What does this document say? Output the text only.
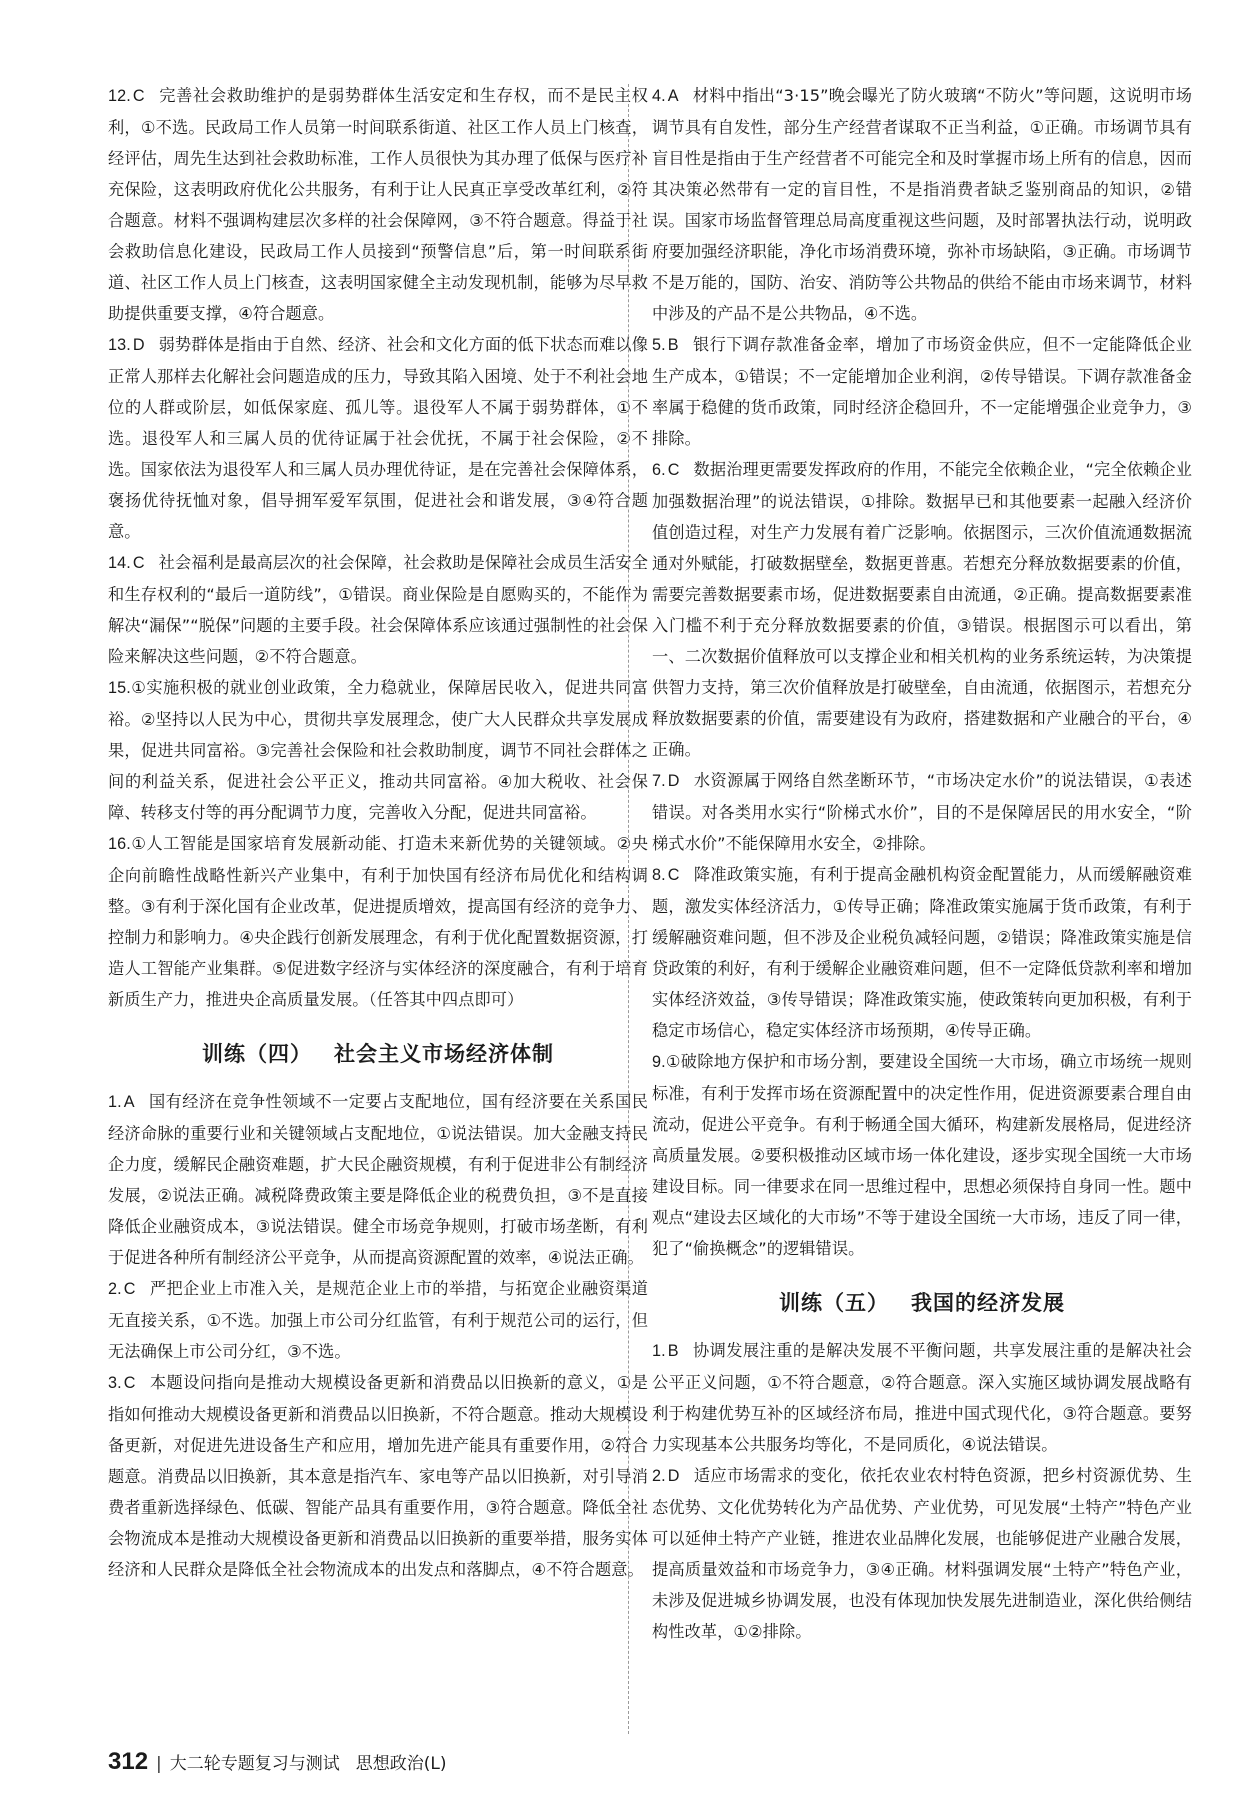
12. C 完善社会救助维护的是弱势群体生活安定和生存权，而不是民主权利，①不选。民政局工作人员第一时间联系街道、社区工作人员上门核查，经评估，周先生达到社会救助标准，工作人员很快为其办理了低保与医疗补充保险，这表明政府优化公共服务，有利于让人民真正享受改革红利，②符合题意。材料不强调构建层次多样的社会保障网，③不符合题意。得益于社会救助信息化建设，民政局工作人员接到“预警信息”后，第一时间联系街道、社区工作人员上门核查，这表明国家健全主动发现机制，能够为尽早救助提供重要支撑，④符合题意。
13. D 弱势群体是指由于自然、经济、社会和文化方面的低下状态而难以像正常人那样去化解社会问题造成的压力，导致其陷入困境、处于不利社会地位的人群或阶层，如低保家庭、孤儿等。退役军人不属于弱势群体，①不选。退役军人和三属人员的优待证属于社会优抚，不属于社会保险，②不选。国家依法为退役军人和三属人员办理优待证，是在完善社会保障体系，褒扬优待抚恤对象，倡导拥军爱军氛围，促进社会和谐发展，③④符合题意。
14. C 社会福利是最高层次的社会保障，社会救助是保障社会成员生活安全和生存权利的“最后一道防线”，①错误。商业保险是自愿购买的，不能作为解决“漏保”“脱保”问题的主要手段。社会保障体系应该通过强制性的社会保险来解决这些问题，②不符合题意。
15.①实施积极的就业创业政策，全力稳就业，保障居民收入，促进共同富裕。②坚持以人民为中心，贯彻共享发展理念，使广大人民群众共享发展成果，促进共同富裕。③完善社会保险和社会救助制度，调节不同社会群体之间的利益关系，促进社会公平正义，推动共同富裕。④加大税收、社会保障、转移支付等的再分配调节力度，完善收入分配，促进共同富裕。
16.①人工智能是国家培育发展新动能、打造未来新优势的关键领域。②央企向前瞻性战略性新兴产业集中，有利于加快国有经济布局优化和结构调整。③有利于深化国有企业改革，促进提质增效，提高国有经济的竞争力、控制力和影响力。④央企践行创新发展理念，有利于优化配置数据资源，打造人工智能产业集群。⑤促进数字经济与实体经济的深度融合，有利于培育新质生产力，推进央企高质量发展。（任答其中四点即可）
训练（四） 社会主义市场经济体制
1. A 国有经济在竞争性领域不一定要占支配地位，国有经济要在关系国民经济命脉的重要行业和关键领域占支配地位，①说法错误。加大金融支持民企力度，缓解民企融资难题，扩大民企融资规模，有利于促进非公有制经济发展，②说法正确。减税降费政策主要是降低企业的税费负担，③不是直接降低企业融资成本，③说法错误。健全市场竞争规则，打破市场垄断，有利于促进各种所有制经济公平竞争，从而提高资源配置的效率，④说法正确。
2. C 严把企业上市准入关，是规范企业上市的举措，与拓宽企业融资渠道无直接关系，①不选。加强上市公司分红监管，有利于规范公司的运行，但无法确保上市公司分红，③不选。
3. C 本题设问指向是推动大规模设备更新和消费品以旧换新的意义，①是指如何推动大规模设备更新和消费品以旧换新，不符合题意。推动大规模设备更新，对促进先进设备生产和应用，增加先进产能具有重要作用，②符合题意。消费品以旧换新，其本意是指汽车、家电等产品以旧换新，对引导消费者重新选择绿色、低碳、智能产品具有重要作用，③符合题意。降低全社会物流成本是推动大规模设备更新和消费品以旧换新的重要举措，服务实体经济和人民群众是降低全社会物流成本的出发点和落脚点，④不符合题意。
4. A 材料中指出“3·15”晚会曝光了防火玻璃“不防火”等问题，这说明市场调节具有自发性，部分生产经营者谋取不正当利益，①正确。市场调节具有盲目性是指由于生产经营者不可能完全和及时掌握市场上所有的信息，因而其决策必然带有一定的盲目性，不是指消费者缺乏鉴别商品的知识，②错误。国家市场监督管理总局高度重视这些问题，及时部署执法行动，说明政府要加强经济职能，净化市场消费环境，弥补市场缺陷，③正确。市场调节不是万能的，国防、治安、消防等公共物品的供给不能由市场来调节，材料中涉及的产品不是公共物品，④不选。
5. B 银行下调存款准备金率，增加了市场资金供应，但不一定能降低企业生产成本，①错误；不一定能增加企业利润，②传导错误。下调存款准备金率属于稳健的货币政策，同时经济企稳回升，不一定能增强企业竞争力，③排除。
6. C 数据治理更需要发挥政府的作用，不能完全依赖企业，“完全依赖企业加强数据治理”的说法错误，①排除。数据早已和其他要素一起融入经济价值创造过程，对生产力发展有着广泛影响。依据图示，三次价值流通数据流通对外赋能，打破数据壁垒，数据更普惠。若想充分释放数据要素的价值，需要完善数据要素市场，促进数据要素自由流通，②正确。提高数据要素准入门槛不利于充分释放数据要素的价值，③错误。根据图示可以看出，第一、二次数据价值释放可以支撑企业和相关机构的业务系统运转，为决策提供智力支持，第三次价值释放是打破壁垒，自由流通，依据图示，若想充分释放数据要素的价值，需要建设有为政府，搭建数据和产业融合的平台，④正确。
7. D 水资源属于网络自然垄断环节，“市场决定水价”的说法错误，①表述错误。对各类用水实行“阶梯式水价”，目的不是保障居民的用水安全，“阶梯式水价”不能保障用水安全，②排除。
8. C 降准政策实施，有利于提高金融机构资金配置能力，从而缓解融资难题，激发实体经济活力，①传导正确；降准政策实施属于货币政策，有利于缓解融资难问题，但不涉及企业税负减轻问题，②错误；降准政策实施是信贷政策的利好，有利于缓解企业融资难问题，但不一定降低贷款利率和增加实体经济效益，③传导错误；降准政策实施，使政策转向更加积极，有利于稳定市场信心，稳定实体经济市场预期，④传导正确。
9.①破除地方保护和市场分割，要建设全国统一大市场，确立市场统一规则标准，有利于发挥市场在资源配置中的决定性作用，促进资源要素合理自由流动，促进公平竞争。有利于畅通全国大循环，构建新发展格局，促进经济高质量发展。②要积极推动区域市场一体化建设，逐步实现全国统一大市场建设目标。同一律要求在同一思维过程中，思想必须保持自身同一性。题中观点“建设去区域化的大市场”不等于建设全国统一大市场，违反了同一律，犯了“偷换概念”的逻辑错误。
训练（五） 我国的经济发展
1. B 协调发展注重的是解决发展不平衡问题，共享发展注重的是解决社会公平正义问题，①不符合题意，②符合题意。深入实施区域协调发展战略有利于构建优势互补的区域经济布局，推进中国式现代化，③符合题意。要努力实现基本公共服务均等化，不是同质化，④说法错误。
2. D 适应市场需求的变化，依托农业农村特色资源，把乡村资源优势、生态优势、文化优势转化为产品优势、产业优势，可见发展“土特产”特色产业可以延伸土特产产业链，推进农业品牌化发展，也能够促进产业融合发展，提高质量效益和市场竞争力，③④正确。材料强调发展“土特产”特色产业，未涉及促进城乡协调发展，也没有体现加快发展先进制造业，深化供给侧结构性改革，①②排除。
312 | 大二轮专题复习与测试 思想政治(L)
